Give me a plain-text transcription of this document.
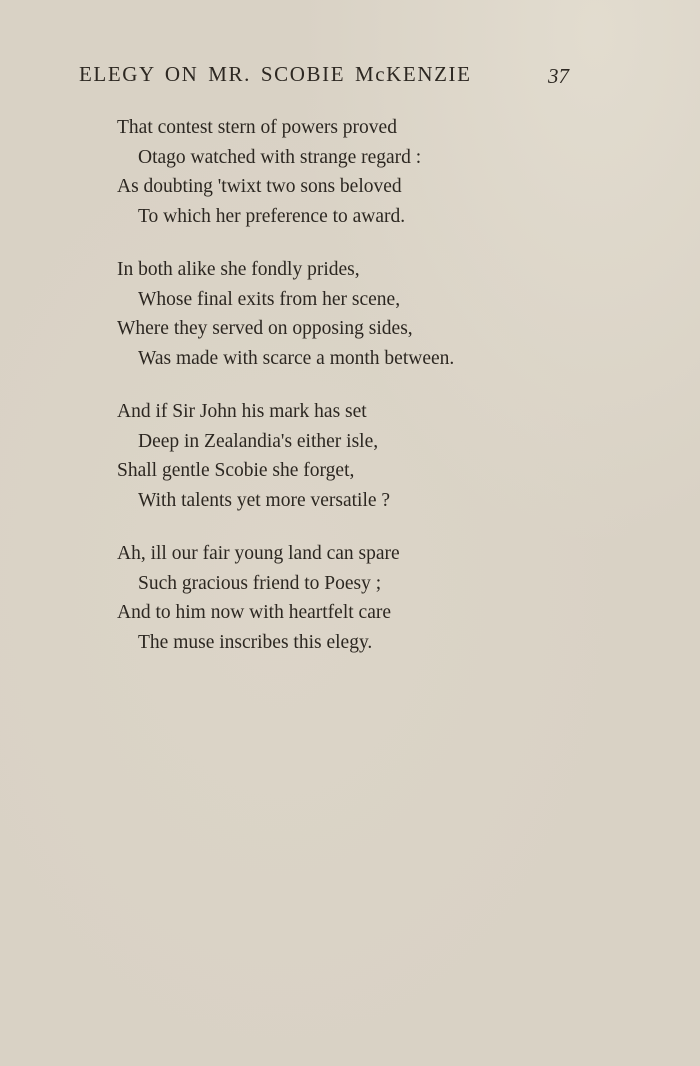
ELEGY ON MR. SCOBIE McKENZIE	37
That contest stern of powers proved
Otago watched with strange regard :
As doubting 'twixt two sons beloved
To which her preference to award.
In both alike she fondly prides,
Whose final exits from her scene,
Where they served on opposing sides,
Was made with scarce a month between.
And if Sir John his mark has set
Deep in Zealandia's either isle,
Shall gentle Scobie she forget,
With talents yet more versatile ?
Ah, ill our fair young land can spare
Such gracious friend to Poesy ;
And to him now with heartfelt care
The muse inscribes this elegy.
